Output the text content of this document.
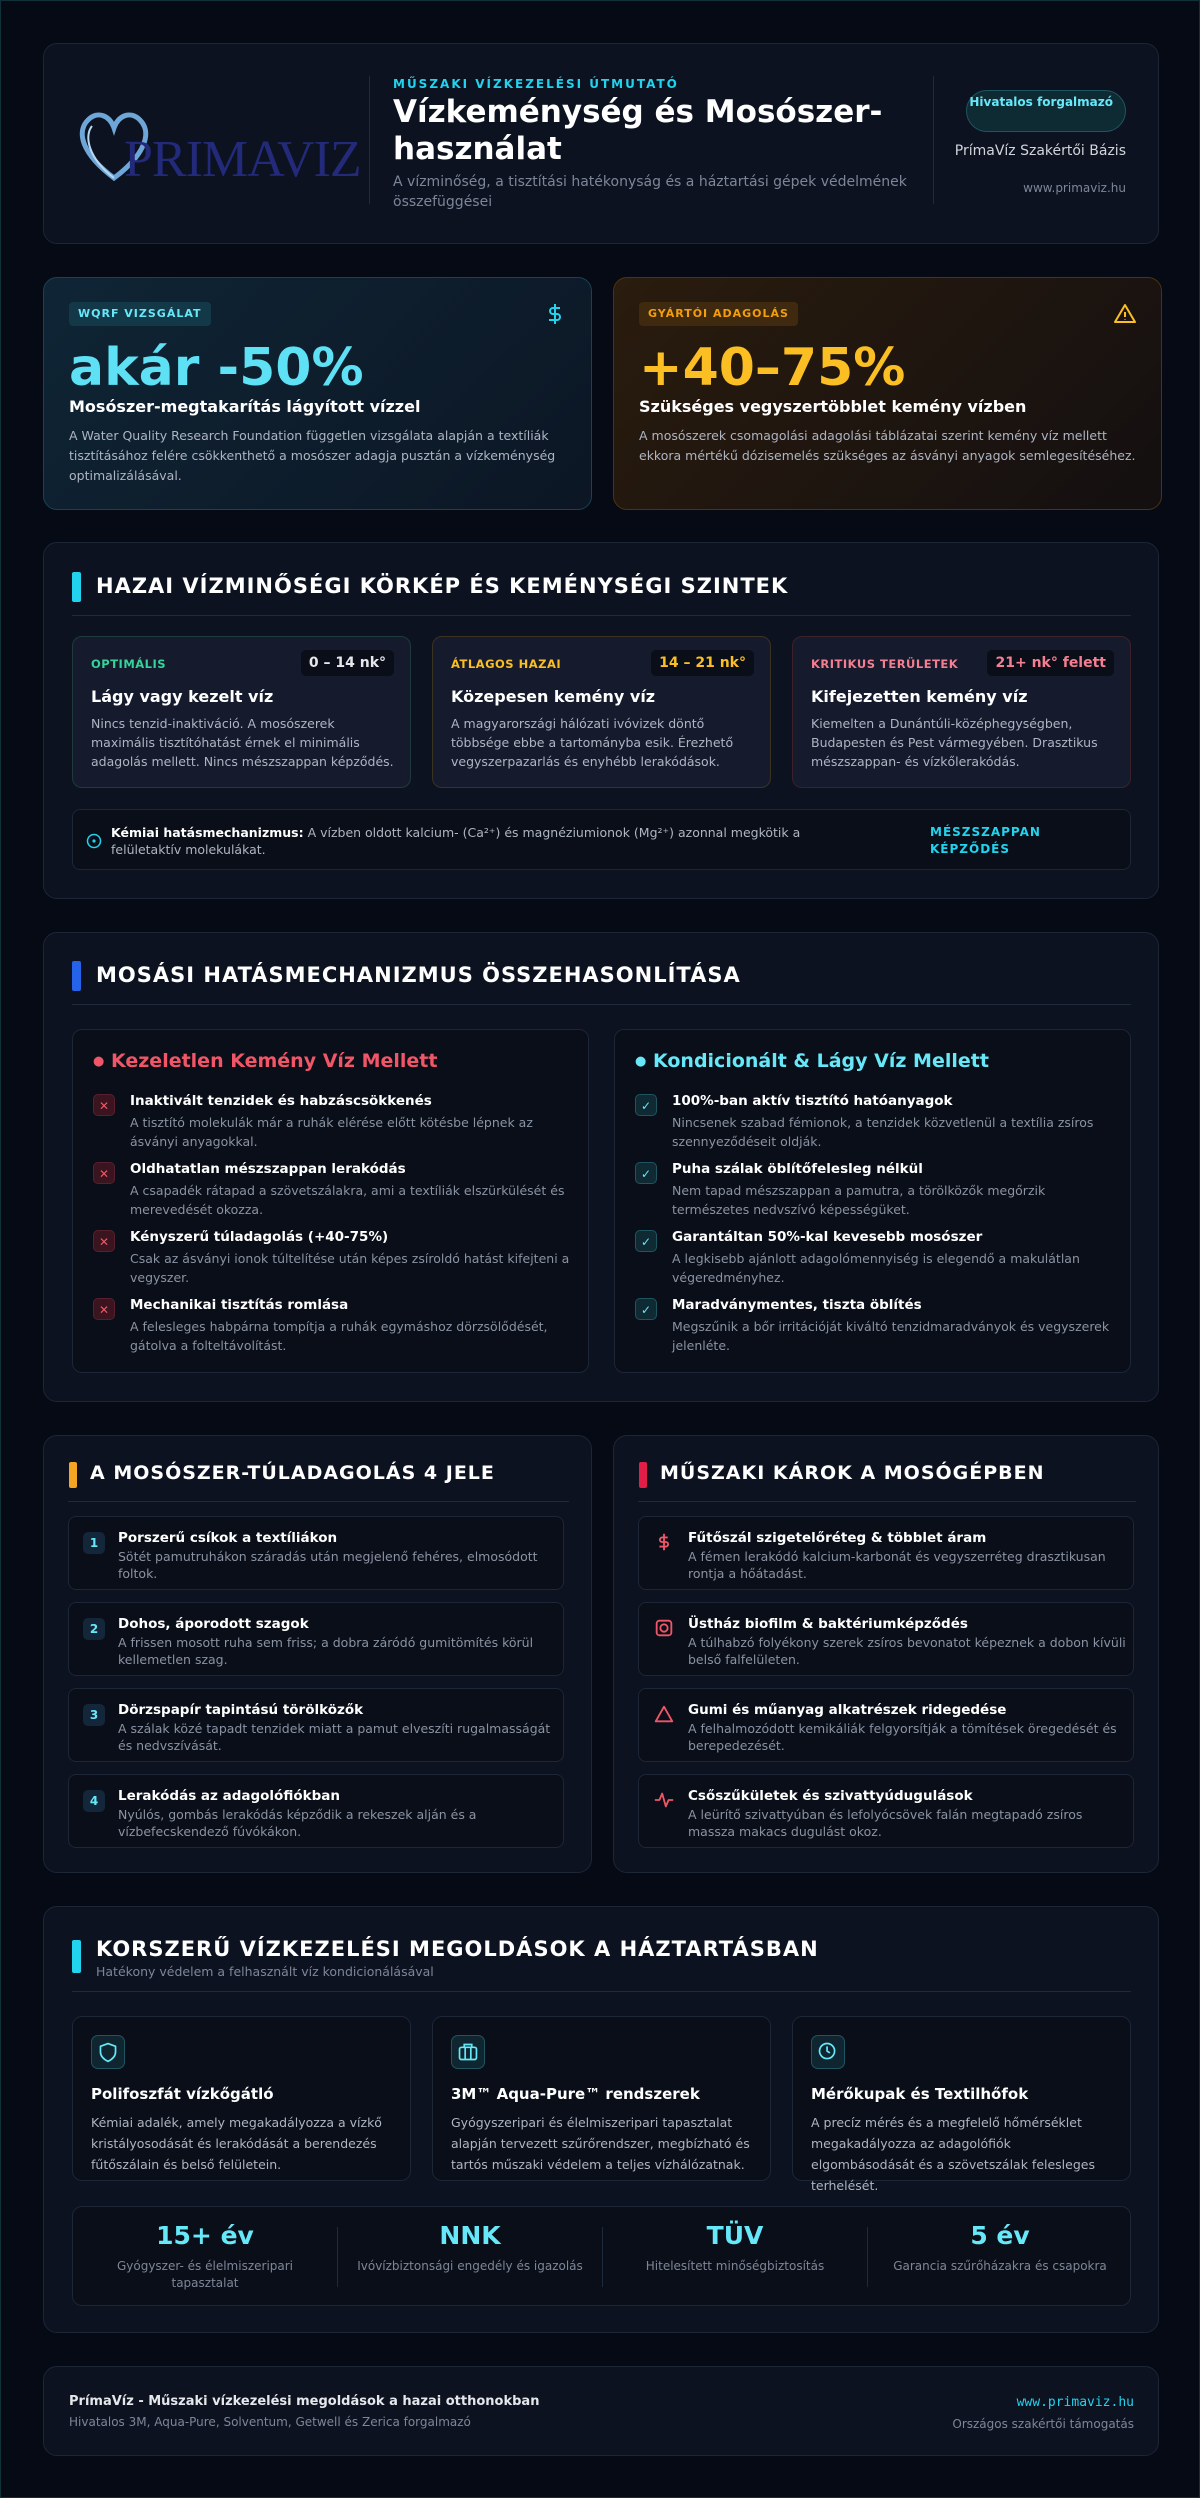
PRIMAVIZ
MŰSZAKI VÍZKEZELÉSI ÚTMUTATÓ
Vízkeménység és Mosószer-használat
A vízminőség, a tisztítási hatékonyság és a háztartási gépek védelmének összefüggései
Hivatalos forgalmazó
PrímaVíz Szakértői Bázis
www.primaviz.hu
WQRF VIZSGÁLAT
akár -50%
Mosószer-megtakarítás lágyított vízzel
A Water Quality Research Foundation független vizsgálata alapján a textíliák tisztításához felére csökkenthető a mosószer adagja pusztán a vízkeménység optimalizálásával.
GYÁRTÓI ADAGOLÁS
+40–75%
Szükséges vegyszertöbblet kemény vízben
A mosószerek csomagolási adagolási táblázatai szerint kemény víz mellett ekkora mértékű dózisemelés szükséges az ásványi anyagok semlegesítéséhez.
HAZAI VÍZMINŐSÉGI KÖRKÉP ÉS KEMÉNYSÉGI SZINTEK
OPTIMÁLIS	0 – 14 nk°
Lágy vagy kezelt víz
Nincs tenzid-inaktiváció. A mosószerek maximális tisztítóhatást érnek el minimális adagolás mellett. Nincs mészszappan képződés.
ÁTLAGOS HAZAI	14 – 21 nk°
Közepesen kemény víz
A magyarországi hálózati ivóvizek döntő többsége ebbe a tartományba esik. Érezhető vegyszerpazarlás és enyhébb lerakódások.
KRITIKUS TERÜLETEK	21+ nk° felett
Kifejezetten kemény víz
Kiemelten a Dunántúli-középhegységben, Budapesten és Pest vármegyében. Drasztikus mészszappan- és vízkőlerakódás.
Kémiai hatásmechanizmus: A vízben oldott kalcium- (Ca²⁺) és magnéziumionok (Mg²⁺) azonnal megkötik a felületaktív molekulákat.
MÉSZSZAPPAN KÉPZŐDÉS
MOSÁSI HATÁSMECHANIZMUS ÖSSZEHASONLÍTÁSA
● Kezeletlen Kemény Víz Mellett
✕	Inaktivált tenzidek és habzáscsökkenés
A tisztító molekulák már a ruhák elérése előtt kötésbe lépnek az ásványi anyagokkal.
✕	Oldhatatlan mészszappan lerakódás
A csapadék rátapad a szövetszálakra, ami a textíliák elszürkülését és merevedését okozza.
✕	Kényszerű túladagolás (+40-75%)
Csak az ásványi ionok túltelítése után képes zsíroldó hatást kifejteni a vegyszer.
✕	Mechanikai tisztítás romlása
A felesleges habpárna tompítja a ruhák egymáshoz dörzsölődését, gátolva a folteltávolítást.
● Kondicionált & Lágy Víz Mellett
✓	100%-ban aktív tisztító hatóanyagok
Nincsenek szabad fémionok, a tenzidek közvetlenül a textília zsíros szennyeződéseit oldják.
✓	Puha szálak öblítőfelesleg nélkül
Nem tapad mészszappan a pamutra, a törölközők megőrzik természetes nedvszívó képességüket.
✓	Garantáltan 50%-kal kevesebb mosószer
A legkisebb ajánlott adagolómennyiség is elegendő a makulátlan végeredményhez.
✓	Maradványmentes, tiszta öblítés
Megszűnik a bőr irritációját kiváltó tenzidmaradványok és vegyszerek jelenléte.
A MOSÓSZER-TÚLADAGOLÁS 4 JELE
1	Porszerű csíkok a textíliákon
Sötét pamutruhákon száradás után megjelenő fehéres, elmosódott foltok.
2	Dohos, áporodott szagok
A frissen mosott ruha sem friss; a dobra záródó gumitömítés körül kellemetlen szag.
3	Dörzspapír tapintású törölközők
A szálak közé tapadt tenzidek miatt a pamut elveszíti rugalmasságát és nedvszívását.
4	Lerakódás az adagolófiókban
Nyúlós, gombás lerakódás képződik a rekeszek alján és a vízbefecskendező fúvókákon.
MŰSZAKI KÁROK A MOSÓGÉPBEN
Fűtőszál szigetelőréteg & többlet áram
A fémen lerakódó kalcium-karbonát és vegyszerréteg drasztikusan rontja a hőátadást.
Üstház biofilm & baktériumképződés
A túlhabzó folyékony szerek zsíros bevonatot képeznek a dobon kívüli belső falfelületen.
Gumi és műanyag alkatrészek ridegedése
A felhalmozódott kemikáliák felgyorsítják a tömítések öregedését és berepedezését.
Csőszűkületek és szivattyúdugulások
A leürítő szivattyúban és lefolyócsövek falán megtapadó zsíros massza makacs dugulást okoz.
KORSZERŰ VÍZKEZELÉSI MEGOLDÁSOK A HÁZTARTÁSBAN
Hatékony védelem a felhasznált víz kondicionálásával
Polifoszfát vízkőgátló
Kémiai adalék, amely megakadályozza a vízkő kristályosodását és lerakódását a berendezés fűtőszálain és belső felületein.
3M™ Aqua-Pure™ rendszerek
Gyógyszeripari és élelmiszeripari tapasztalat alapján tervezett szűrőrendszer, megbízható és tartós műszaki védelem a teljes vízhálózatnak.
Mérőkupak és Textilhőfok
A precíz mérés és a megfelelő hőmérséklet megakadályozza az adagolófiók elgombásodását és a szövetszálak felesleges terhelését.
15+ év
Gyógyszer- és élelmiszeripari tapasztalat
NNK
Ivóvízbiztonsági engedély és igazolás
TÜV
Hitelesített minőségbiztosítás
5 év
Garancia szűrőházakra és csapokra
PrímaVíz - Műszaki vízkezelési megoldások a hazai otthonokban
Hivatalos 3M, Aqua-Pure, Solventum, Getwell és Zerica forgalmazó
www.primaviz.hu
Országos szakértői támogatás
